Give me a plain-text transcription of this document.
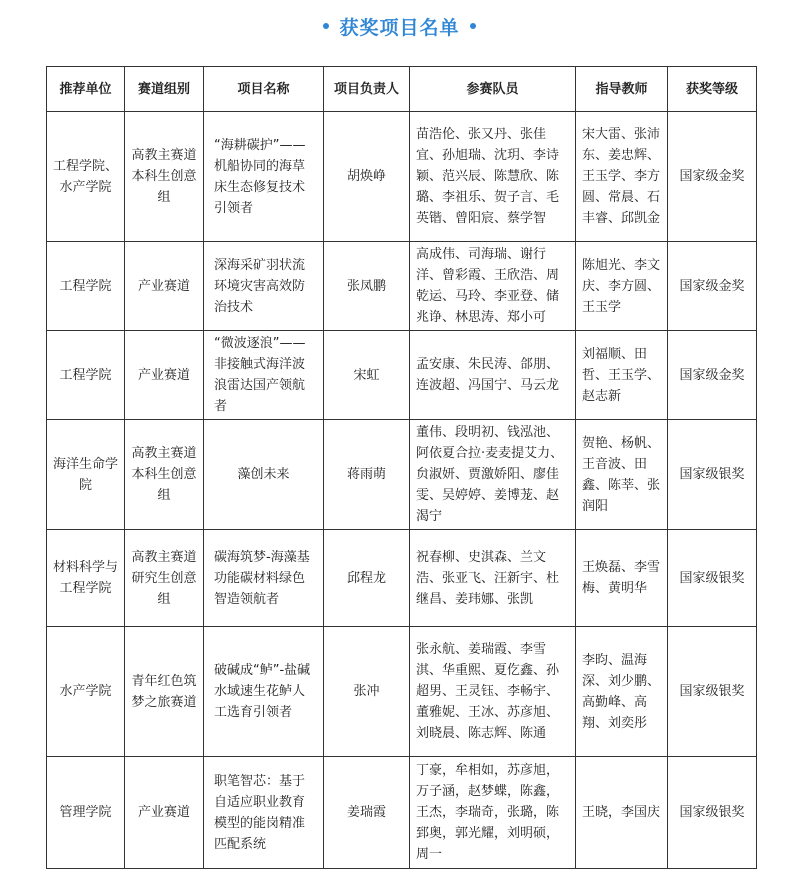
获奖项目名单
推荐单位	赛道组别	项目名称	项目负责人	参赛队员	指导教师	获奖等级
工程学院、水产学院	高教主赛道本科生创意组	“海耕碳护”——机船协同的海草床生态修复技术引领者	胡焕峥	苗浩伦、张又丹、张佳宜、孙旭瑞、沈玥、李诗颖、范兴辰、陈慧欣、陈璐、李祖乐、贺子言、毛英锴、曾阳宸、蔡学智	宋大雷、张沛东、姜忠辉、王玉学、李方圆、常晨、石丰睿、邱凯金	国家级金奖
工程学院	产业赛道	深海采矿羽状流环境灾害高效防治技术	张凤鹏	高成伟、司海瑞、谢行洋、曾彩霞、王欣浩、周乾运、马玲、李亚登、储兆诤、林思涛、郑小可	陈旭光、李文庆、李方圆、王玉学	国家级金奖
工程学院	产业赛道	“微波逐浪”——非接触式海洋波浪雷达国产领航者	宋虹	孟安康、朱民涛、郃朋、连波超、冯国宁、马云龙	刘福顺、田哲、王玉学、赵志新	国家级金奖
海洋生命学院	高教主赛道本科生创意组	藻创未来	蒋雨萌	董伟、段明初、钱泓池、阿依夏合拉·麦麦提艾力、贠淑妍、贾激娇阳、廖佳雯、吴婷婷、姜博茏、赵渴宁	贺艳、杨帆、王音波、田鑫、陈莘、张润阳	国家级银奖
材料科学与工程学院	高教主赛道研究生创意组	碳海筑梦-海藻基功能碳材料绿色智造领航者	邱程龙	祝春柳、史淇森、兰文浩、张亚飞、汪新宇、杜继昌、姜玮娜、张凯	王焕磊、李雪梅、黄明华	国家级银奖
水产学院	青年红色筑梦之旅赛道	破碱成“鲈”-盐碱水域速生花鲈人工选育引领者	张冲	张永航、姜瑞霞、李雪淇、华重熙、夏仡鑫、孙超男、王灵钰、李畅宇、董雅妮、王冰、苏彦旭、刘晓晨、陈志辉、陈通	李昀、温海深、刘少鹏、高勤峰、高翔、刘奕彤	国家级银奖
管理学院	产业赛道	职笔智芯：基于自适应职业教育模型的能岗精准匹配系统	姜瑞霞	丁豪，牟相如，苏彦旭，万子涵，赵梦蝶，陈鑫，王杰，李瑞奇，张璐，陈郅奥，郭光耀，刘明硕，周一	王晓，李国庆	国家级银奖
